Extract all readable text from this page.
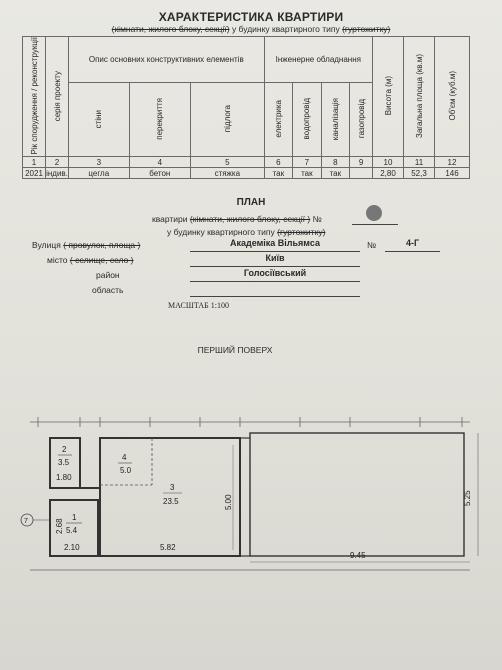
ХАРАКТЕРИСТИКА КВАРТИРИ
(кімнати, жилого блоку, секції) у будинку квартирного типу (гуртожитку)
Рік спорудження / реконструкції	серія проекту	Опис основних конструктивних елементів			Інженерне обладнання				Висота (м)	Загальна площа (кв.м)	Об'єм (куб.м)
		стіни	перекриття	підлога	електрика	водопровід	каналізація	газопровід			
1	2	3	4	5	6	7	8	9	10	11	12
2021	індив.	цегла	бетон	стяжка	так	так	так		2,80	52,3	146
ПЛАН
квартири (кімнати, жилого блоку, секції ) №
у будинку квартирного типу (гуртожитку)
Вулиця ( провулок, площа )	Академіка Вільямса	№	4-Г
місто ( селище, село )	Київ
район	Голосіївський
область
МАСШТАБ 1:100
ПЕРШИЙ ПОВЕРХ
2
3.5
1.80
4
5.0
3
23.5
1
5.4
2.10
2.68
5.00
5.82
9.45
5.25
7
